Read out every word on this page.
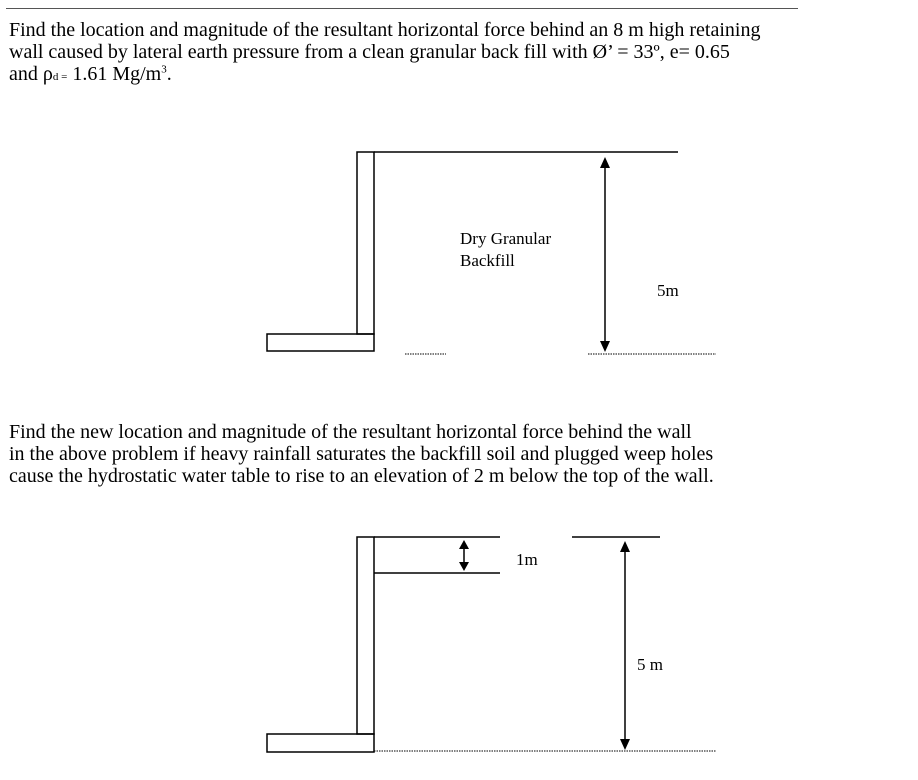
Find the location and magnitude of the resultant horizontal force behind an 8 m high retaining
wall caused by lateral earth pressure from a clean granular back fill with Ø’ = 33º, e= 0.65
and ρd = 1.61 $Mg/m^3$.
Dry Granular
Backfill
5m
Find the new location and magnitude of the resultant horizontal force behind the wall
in the above problem if heavy rainfall saturates the backfill soil and plugged weep holes
cause the hydrostatic water table to rise to an elevation of 2 m below the top of the wall.
1m
5 m
